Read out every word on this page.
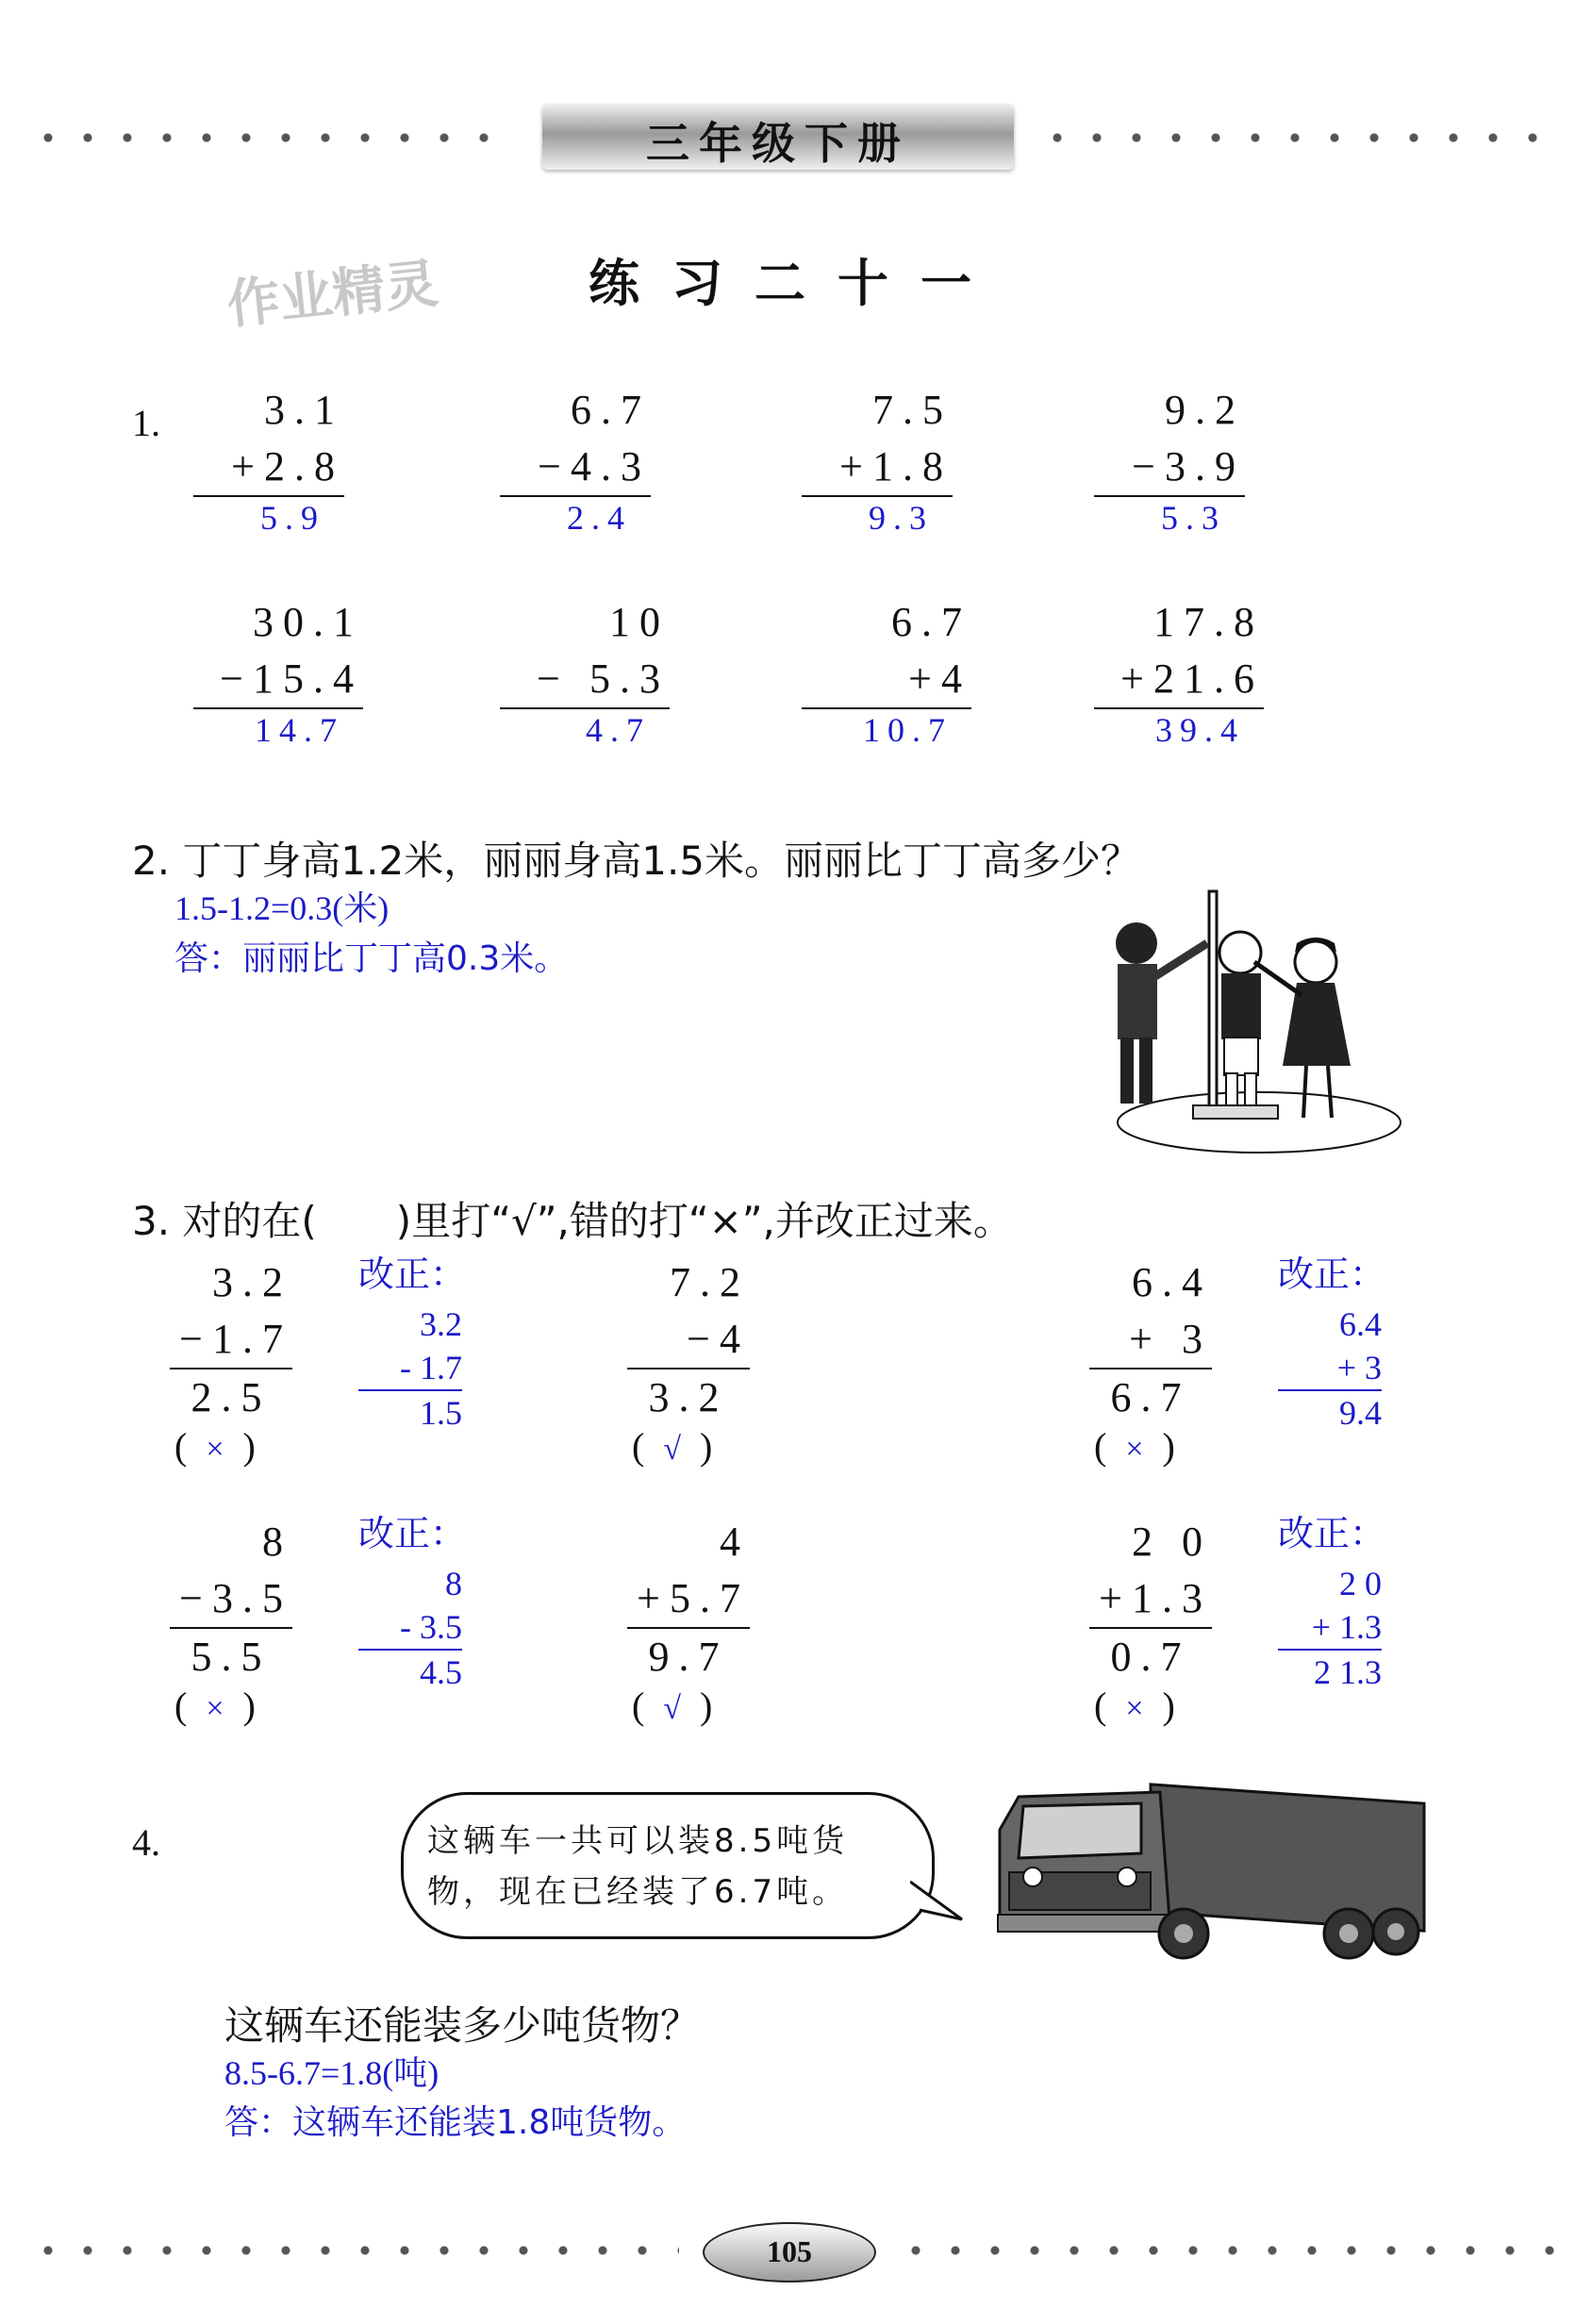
三年级下册
作业精灵	练习二十一
1.	3.1
+2.8
5.9
6.7
−4.3
2.4
7.5
+1.8
9.3
9.2
−3.9
5.3
30.1
−15.4
14.7
10
− 5.3
4.7
6.7
+4
10.7
17.8
+21.6
39.4
2. 丁丁身高1.2米，丽丽身高1.5米。丽丽比丁丁高多少？
1.5-1.2=0.3(米)
答：丽丽比丁丁高0.3米。
3. 对的在(　　)里打“√”,错的打“×”,并改正过来。
3.2
−1.7
2.5
( × )
改正：
3.2
- 1.7
1.5
7.2
−4
3.2
( √ )
6.4
+ 3
6.7
( × )
改正：
6.4
+ 3
9.4
8
−3.5
5.5
( × )
改正：
8
- 3.5
4.5
4
+5.7
9.7
( √ )
2 0
+1.3
0.7
( × )
改正：
2 0
+ 1.3
2 1.3
4.	这辆车一共可以装8.5吨货物，现在已经装了6.7吨。
这辆车还能装多少吨货物？
8.5-6.7=1.8(吨)
答：这辆车还能装1.8吨货物。
105
